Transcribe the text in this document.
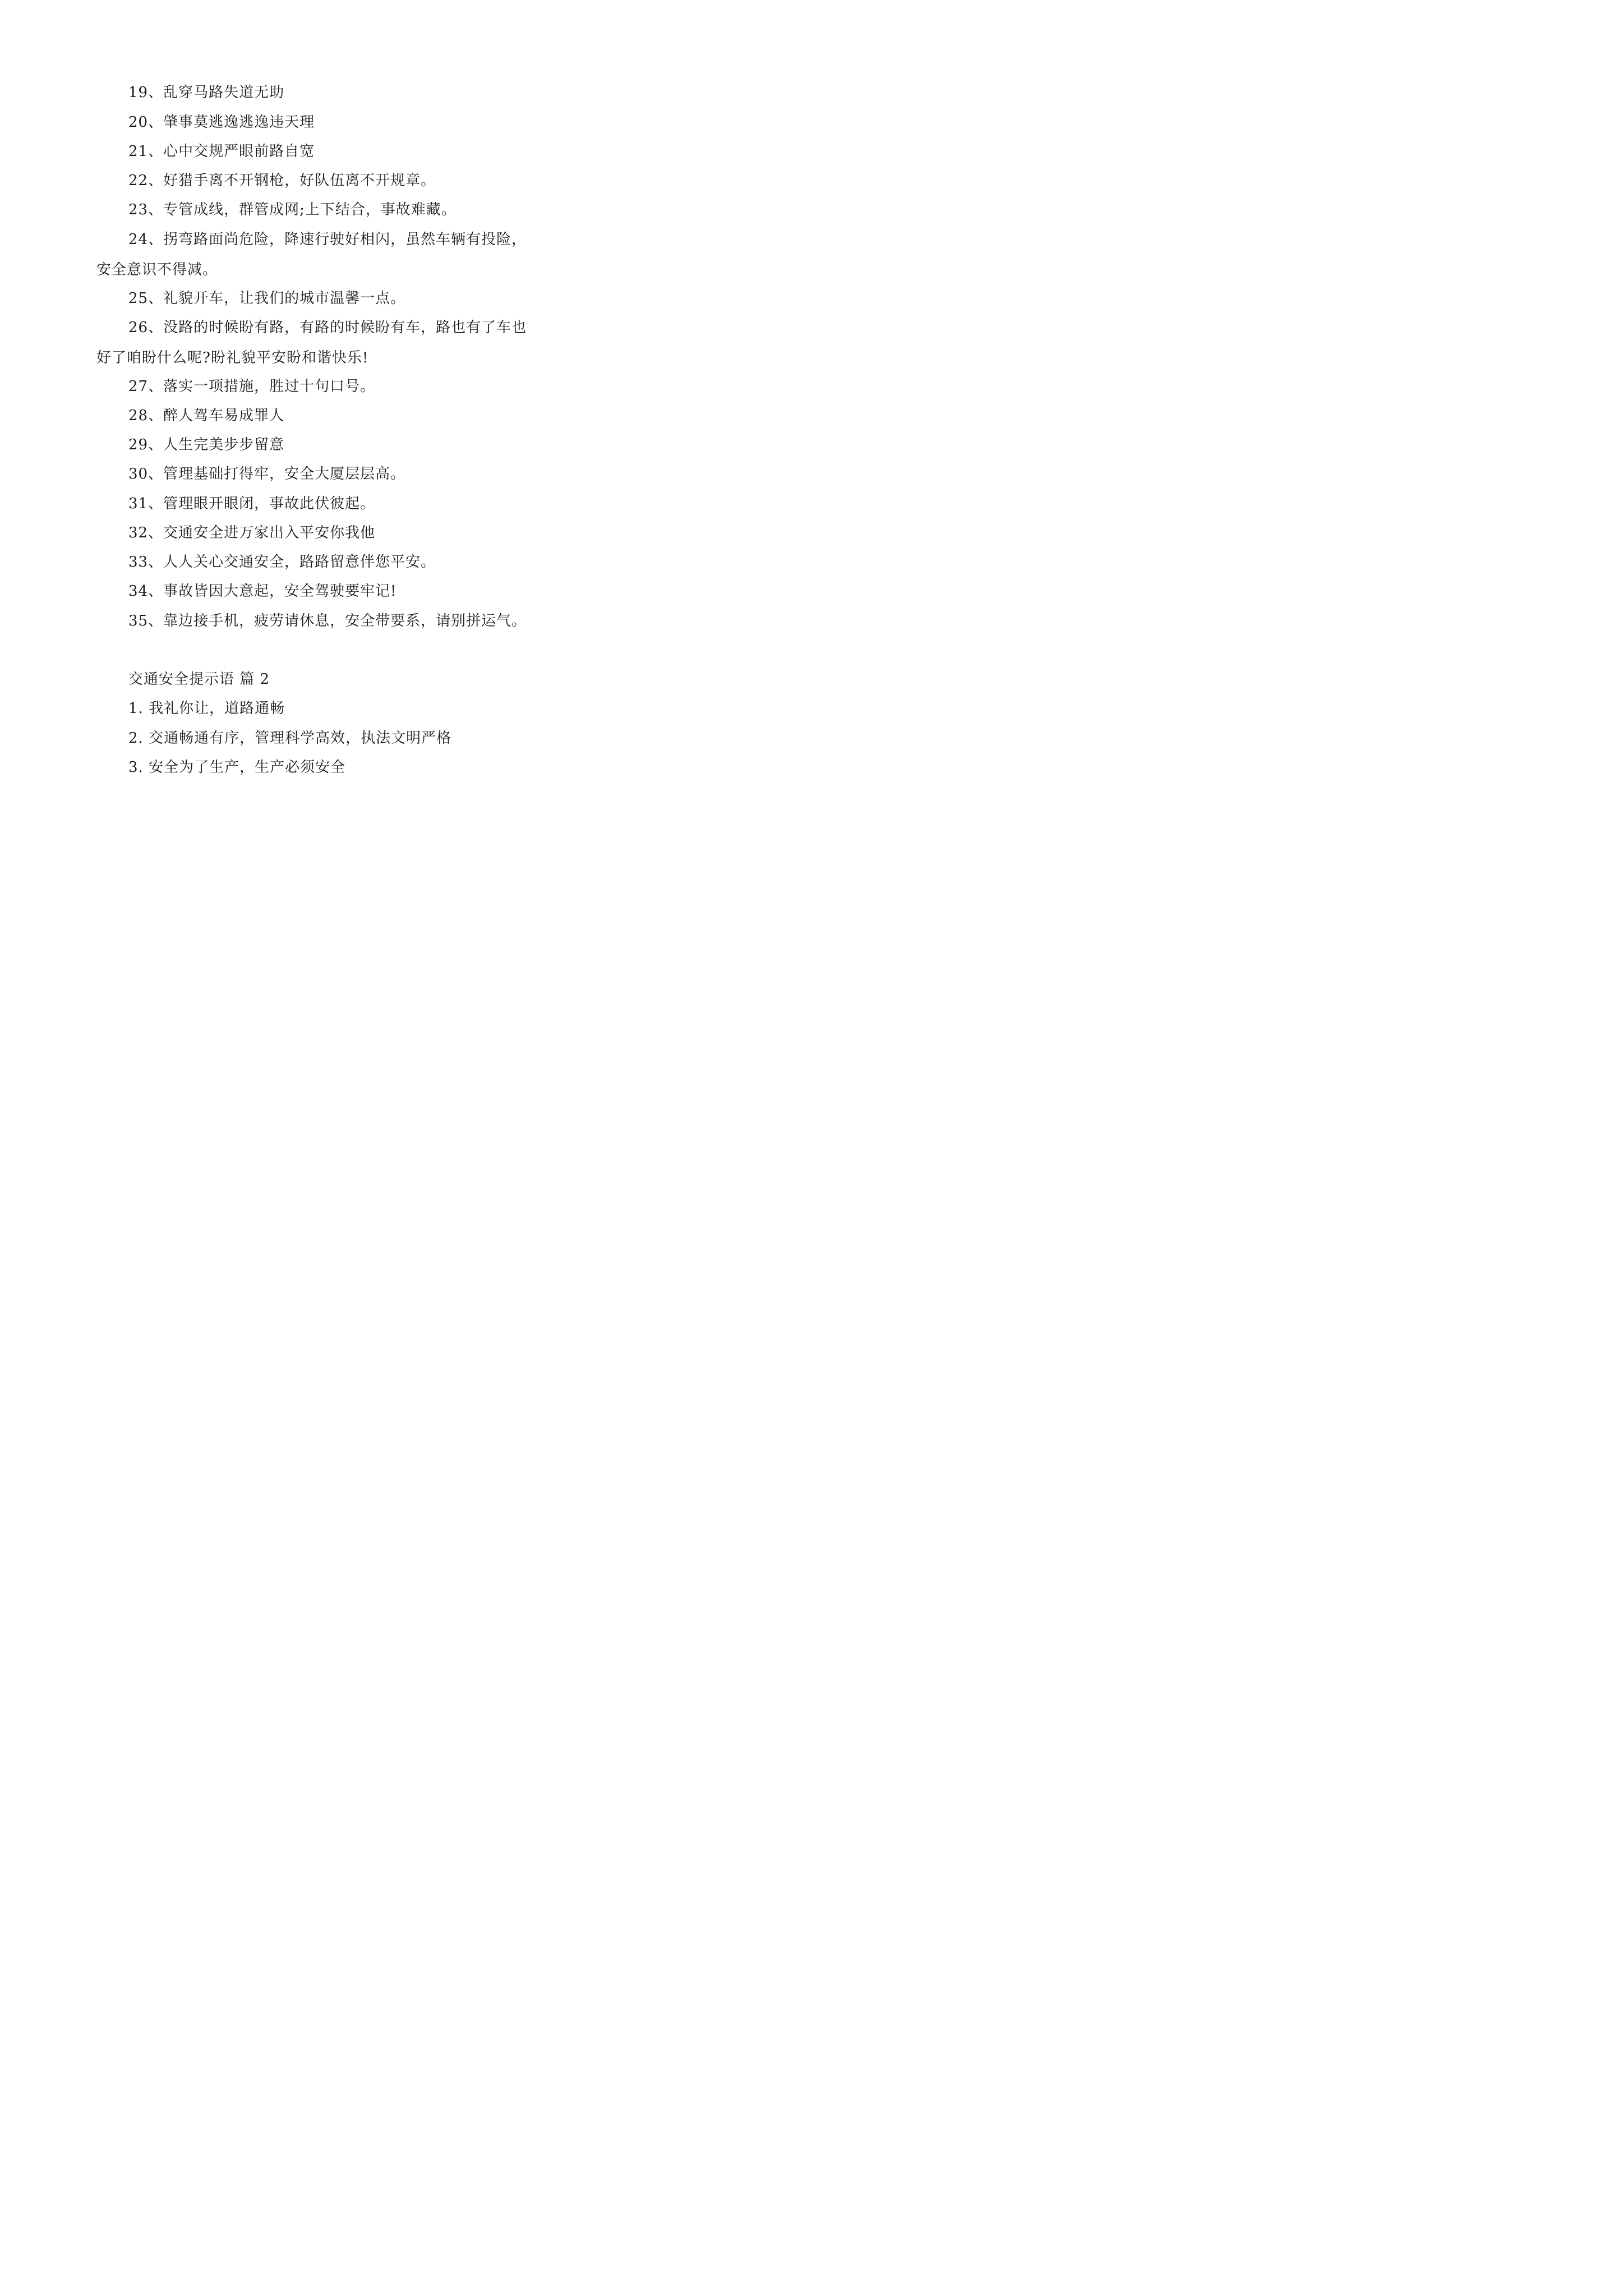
19、乱穿马路失道无助

20、肇事莫逃逸逃逸违天理

21、心中交规严眼前路自宽

22、好猎手离不开钢枪，好队伍离不开规章。

23、专管成线，群管成网;上下结合，事故难藏。

24、拐弯路面尚危险，降速行驶好相闪，虽然车辆有投险，安全意识不得减。

25、礼貌开车，让我们的城市温馨一点。

26、没路的时候盼有路，有路的时候盼有车，路也有了车也好了咱盼什么呢?盼礼貌平安盼和谐快乐!

27、落实一项措施，胜过十句口号。

28、醉人驾车易成罪人

29、人生完美步步留意

30、管理基础打得牢，安全大厦层层高。

31、管理眼开眼闭，事故此伏彼起。

32、交通安全进万家出入平安你我他

33、人人关心交通安全，路路留意伴您平安。

34、事故皆因大意起，安全驾驶要牢记!

35、靠边接手机，疲劳请休息，安全带要系，请别拼运气。

交通安全提示语 篇 2

1. 我礼你让，道路通畅

2. 交通畅通有序，管理科学高效，执法文明严格

3. 安全为了生产，生产必须安全
